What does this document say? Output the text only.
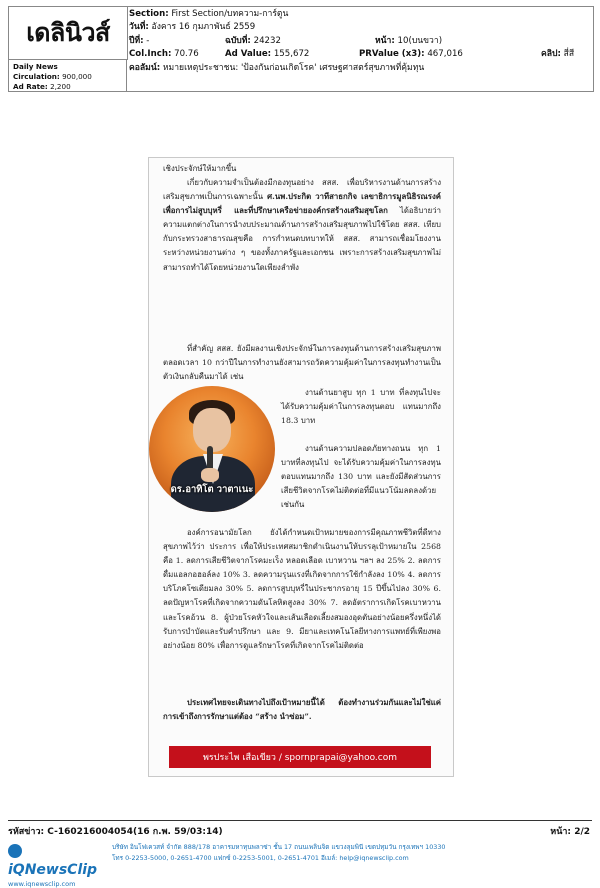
เดลินิวส์
Daily News
Circulation: 900,000
Ad Rate: 2,200
Section: First Section/บทความ-การ์ตูน
วันที่: อังคาร 16 กุมภาพันธ์ 2559
ปีที่: -	ฉบับที่: 24232	หน้า: 10(บนขวา)
Col.Inch: 70.76	Ad Value: 155,672	PRValue (x3): 467,016	คลิป: สี่สี
คอลัมน์: หมายเหตุประชาชน: 'ป้องกันก่อนเกิดโรค' เศรษฐศาสตร์สุขภาพที่คุ้มทุน
เชิงประจักษ์ให้มากขึ้น
เกี่ยวกับความจำเป็นต้องมีกองทุนอย่าง สสส. เพื่อบริหารงานด้านการสร้างเสริมสุขภาพเป็นการเฉพาะนั้น ศ.นพ.ประกิต วาทีสาธกกิจ เลขาธิการมูลนิธิรณรงค์เพื่อการไม่สูบบุหรี่ และที่ปรึกษาเครือข่ายองค์กรสร้างเสริมสุขโลก ได้อธิบายว่า ความแตกต่างในการนำงบประมาณด้านการสร้างเสริมสุขภาพไปใช้โดย สสส. เทียบกับกระทรวงสาธารณสุขคือ การกำหนดบทบาทให้ สสส. สามารถเชื่อมโยงงานระหว่างหน่วยงานต่าง ๆ ของทั้งภาครัฐและเอกชน เพราะการสร้างเสริมสุขภาพไม่สามารถทำได้โดยหน่วยงานใดเพียงลำพัง
ที่สำคัญ สสส. ยังมีผลงานเชิงประจักษ์ในการลงทุนด้านการสร้างเสริมสุขภาพ ตลอดเวลา 10 กว่าปีในการทำงานยังสามารถวัดความคุ้มค่าในการลงทุนทำงานเป็นตัวเงินกลับคืนมาได้ เช่น
งานด้านยาสูบ ทุก 1 บาท ที่ลงทุนไปจะได้รับความคุ้มค่าในการลงทุนตอบ แทนมากถึง 18.3 บาท
งานด้านความปลอดภัยทางถนน ทุก 1 บาทที่ลงทุนไป จะได้รับความคุ้มค่าในการลงทุนตอบแทนมากถึง 130 บาท และยังมีสัดส่วนการเสียชีวิตจากโรคไม่ติดต่อที่มีแนวโน้มลดลงด้วยเช่นกัน
องค์การอนามัยโลก ยังได้กำหนดเป้าหมายของการมีคุณภาพชีวิตที่ดีทางสุขภาพไว้ว่า ประการ เพื่อให้ประเทศสมาชิกดำเนินงานให้บรรลุเป้าหมายใน 2568 คือ 1. ลดการเสียชีวิตจากโรคมะเร็ง หลอดเลือด เบาหวาน ฯลฯ ลง 25% 2. ลดการดื่มแอลกอฮอล์ลง 10% 3. ลดความรุนแรงที่เกิดจากการใช้กำลังลง 10% 4. ลดการบริโภคโซเดียมลง 30% 5. ลดการสูบบุหรี่ในประชากรอายุ 15 ปีขึ้นไปลง 30% 6. ลดปัญหาโรคที่เกิดจากความดันโลหิตสูงลง 30% 7. ลดอัตราการเกิดโรคเบาหวานและโรคอ้วน 8. ผู้ป่วยโรคหัวใจและเส้นเลือดเลี้ยงสมองอุดตันอย่างน้อยครึ่งหนึ่งได้รับการบำบัดและรับคำปรึกษา และ 9. มียาและเทคโนโลยีทางการแพทย์ที่เพียงพออย่างน้อย 80% เพื่อการดูแลรักษาโรคที่เกิดจากโรคไม่ติดต่อ
ประเทศไทยจะเดินทางไปถึงเป้าหมายนี้ได้ ต้องทำงานร่วมกันและไม่ใช่แค่การเข้าถึงการรักษาแต่ต้อง “สร้าง นำซ่อม”.
ดร.อาทิโต วาตาเนะ
พรประไพ เสือเขียว / spornprapai@yahoo.com
รหัสข่าว: C-160216004054(16 ก.พ. 59/03:14)	หน้า: 2/2
iQNewsClip
www.iqnewsclip.com
บริษัท อินโฟเควสท์ จำกัด 888/178 อาคารมหาทุนพลาซ่า ชั้น 17 ถนนเพลินจิต แขวงลุมพินี เขตปทุมวัน กรุงเทพฯ 10330
โทร 0-2253-5000, 0-2651-4700 แฟกซ์ 0-2253-5001, 0-2651-4701 อีเมล์: help@iqnewsclip.com
